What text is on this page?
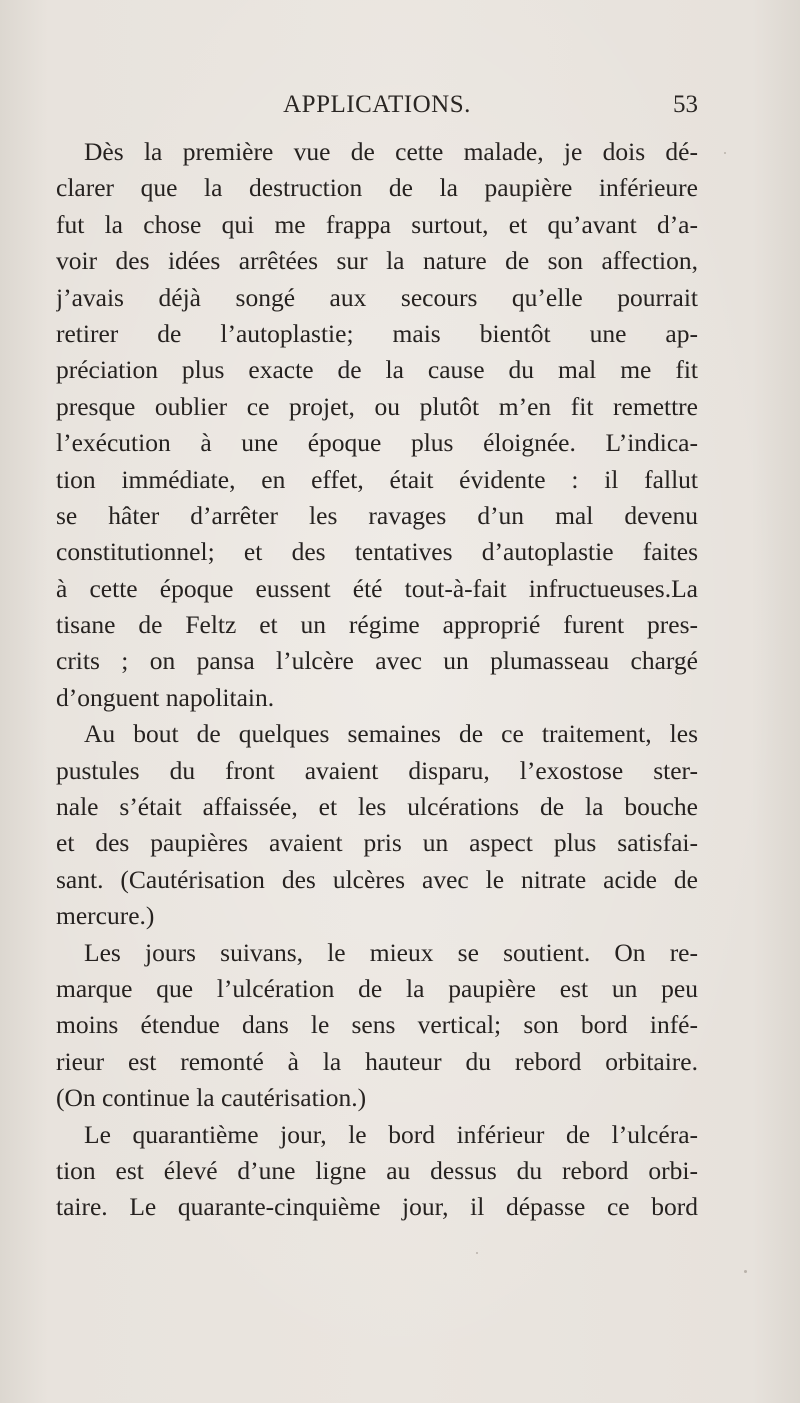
APPLICATIONS.	53
Dès la première vue de cette malade, je dois dé-
clarer que la destruction de la paupière inférieure
fut la chose qui me frappa surtout, et qu’avant d’a-
voir des idées arrêtées sur la nature de son affection,
j’avais déjà songé aux secours qu’elle pourrait
retirer de l’autoplastie; mais bientôt une ap-
préciation plus exacte de la cause du mal me fit
presque oublier ce projet, ou plutôt m’en fit remettre
l’exécution à une époque plus éloignée. L’indica-
tion immédiate, en effet, était évidente : il fallut
se hâter d’arrêter les ravages d’un mal devenu
constitutionnel; et des tentatives d’autoplastie faites
à cette époque eussent été tout-à-fait infructueuses.La
tisane de Feltz et un régime approprié furent pres-
crits ; on pansa l’ulcère avec un plumasseau chargé
d’onguent napolitain.
Au bout de quelques semaines de ce traitement, les
pustules du front avaient disparu, l’exostose ster-
nale s’était affaissée, et les ulcérations de la bouche
et des paupières avaient pris un aspect plus satisfai-
sant. (Cautérisation des ulcères avec le nitrate acide de
mercure.)
Les jours suivans, le mieux se soutient. On re-
marque que l’ulcération de la paupière est un peu
moins étendue dans le sens vertical; son bord infé-
rieur est remonté à la hauteur du rebord orbitaire.
(On continue la cautérisation.)
Le quarantième jour, le bord inférieur de l’ulcéra-
tion est élevé d’une ligne au dessus du rebord orbi-
taire. Le quarante-cinquième jour, il dépasse ce bord
